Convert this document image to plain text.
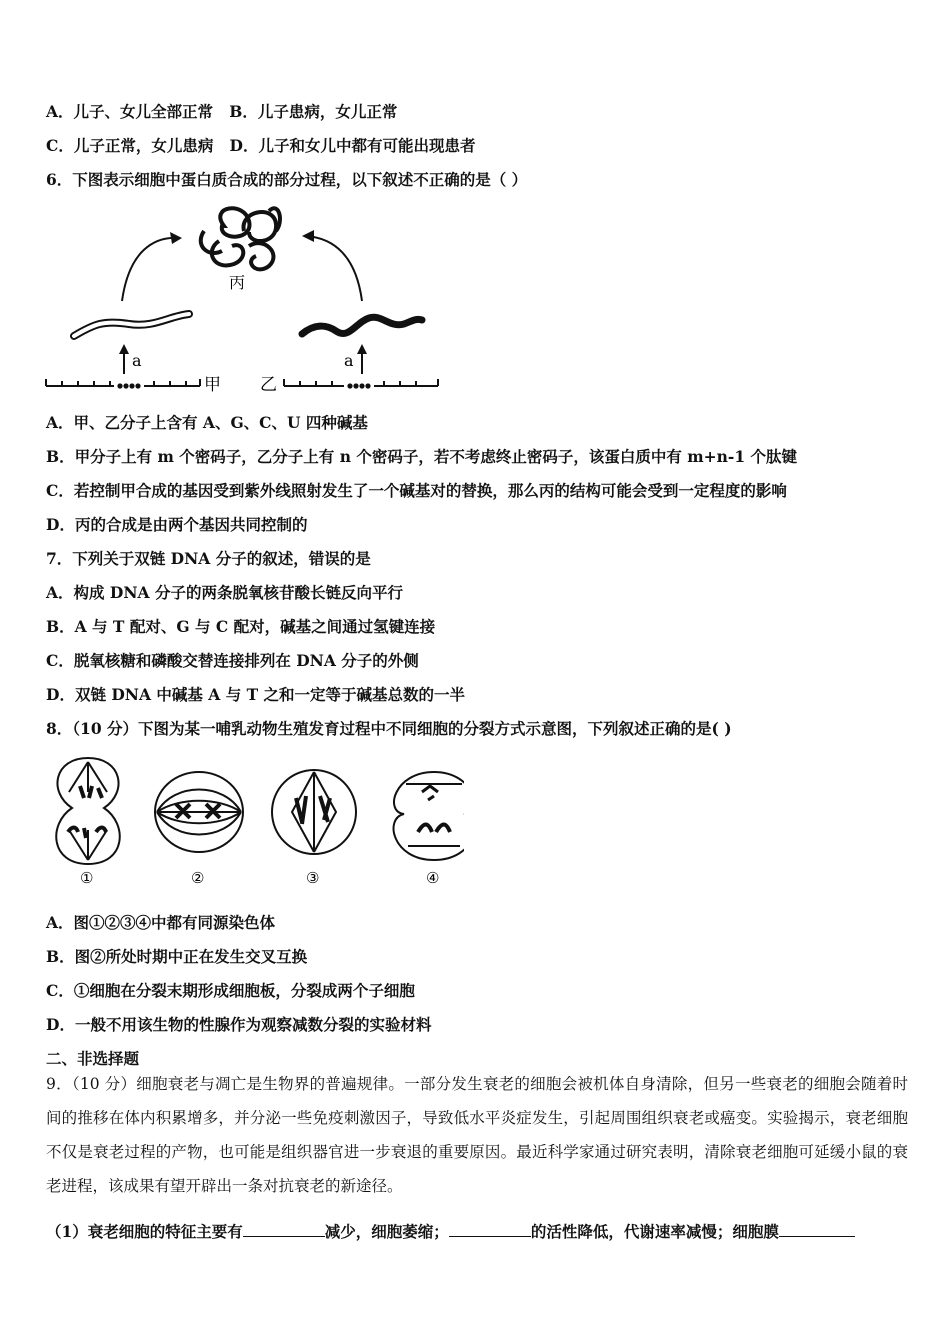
A．儿子、女儿全部正常 B．儿子患病，女儿正常
C．儿子正常，女儿患病 D．儿子和女儿中都有可能出现患者
6．下图表示细胞中蛋白质合成的部分过程，以下叙述不正确的是（ ）
丙
a	a
甲 乙
A．甲、乙分子上含有 A、G、C、U 四种碱基
B．甲分子上有 m 个密码子，乙分子上有 n 个密码子，若不考虑终止密码子，该蛋白质中有 m+n-1 个肽键
C．若控制甲合成的基因受到紫外线照射发生了一个碱基对的替换，那么丙的结构可能会受到一定程度的影响
D．丙的合成是由两个基因共同控制的
7．下列关于双链 DNA 分子的叙述，错误的是
A．构成 DNA 分子的两条脱氧核苷酸长链反向平行
B．A 与 T 配对、G 与 C 配对，碱基之间通过氢键连接
C．脱氧核糖和磷酸交替连接排列在 DNA 分子的外侧
D．双链 DNA 中碱基 A 与 T 之和一定等于碱基总数的一半
8．（10 分）下图为某一哺乳动物生殖发育过程中不同细胞的分裂方式示意图，下列叙述正确的是( )
①	②	③	④
A．图①②③④中都有同源染色体
B．图②所处时期中正在发生交叉互换
C．①细胞在分裂末期形成细胞板，分裂成两个子细胞
D．一般不用该生物的性腺作为观察减数分裂的实验材料
二、非选择题
9．（10 分）细胞衰老与凋亡是生物界的普遍规律。一部分发生衰老的细胞会被机体自身清除，但另一些衰老的细胞会随着时间的推移在体内积累增多，并分泌一些免疫刺激因子，导致低水平炎症发生，引起周围组织衰老或癌变。实验揭示，衰老细胞不仅是衰老过程的产物，也可能是组织器官进一步衰退的重要原因。最近科学家通过研究表明，清除衰老细胞可延缓小鼠的衰老进程，该成果有望开辟出一条对抗衰老的新途径。
（1）衰老细胞的特征主要有	减少，细胞萎缩；	的活性降低，代谢速率减慢；细胞膜
